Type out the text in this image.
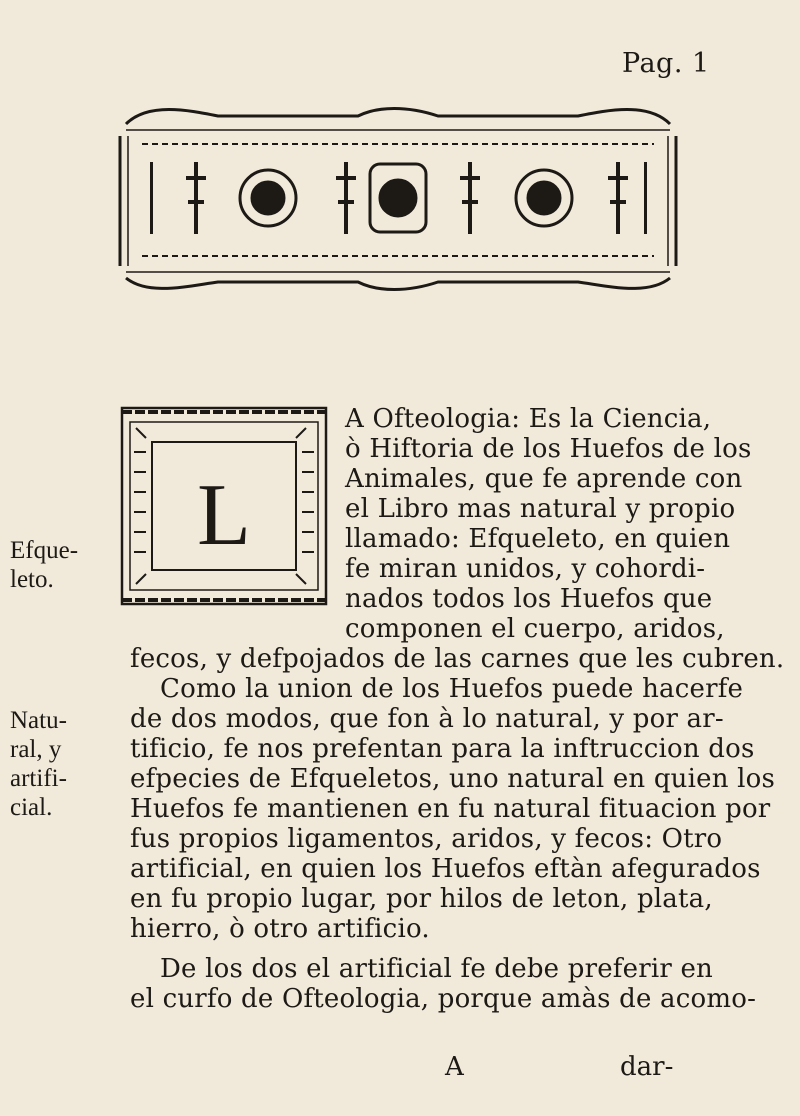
Pag. 1
L
Efque-
leto.
Natu-
ral, y
artifi-
cial.
A Ofteologia: Es la Ciencia,
ò Hiftoria de los Huefos de los
Animales, que fe aprende con
el Libro mas natural y propio
llamado: Efqueleto, en quien
fe miran unidos, y cohordi-
nados todos los Huefos que
componen el cuerpo, aridos,
fecos, y defpojados de las carnes que les cubren.
Como la union de los Huefos puede hacerfe
de dos modos, que fon à lo natural, y por ar-
tificio, fe nos prefentan para la inftruccion dos
efpecies de Efqueletos, uno natural en quien los
Huefos fe mantienen en fu natural fituacion por
fus propios ligamentos, aridos, y fecos: Otro
artificial, en quien los Huefos eftàn afegurados
en fu propio lugar, por hilos de leton, plata,
hierro, ò otro artificio.
De los dos el artificial fe debe preferir en
el curfo de Ofteologia, porque amàs de acomo-
A	dar-
